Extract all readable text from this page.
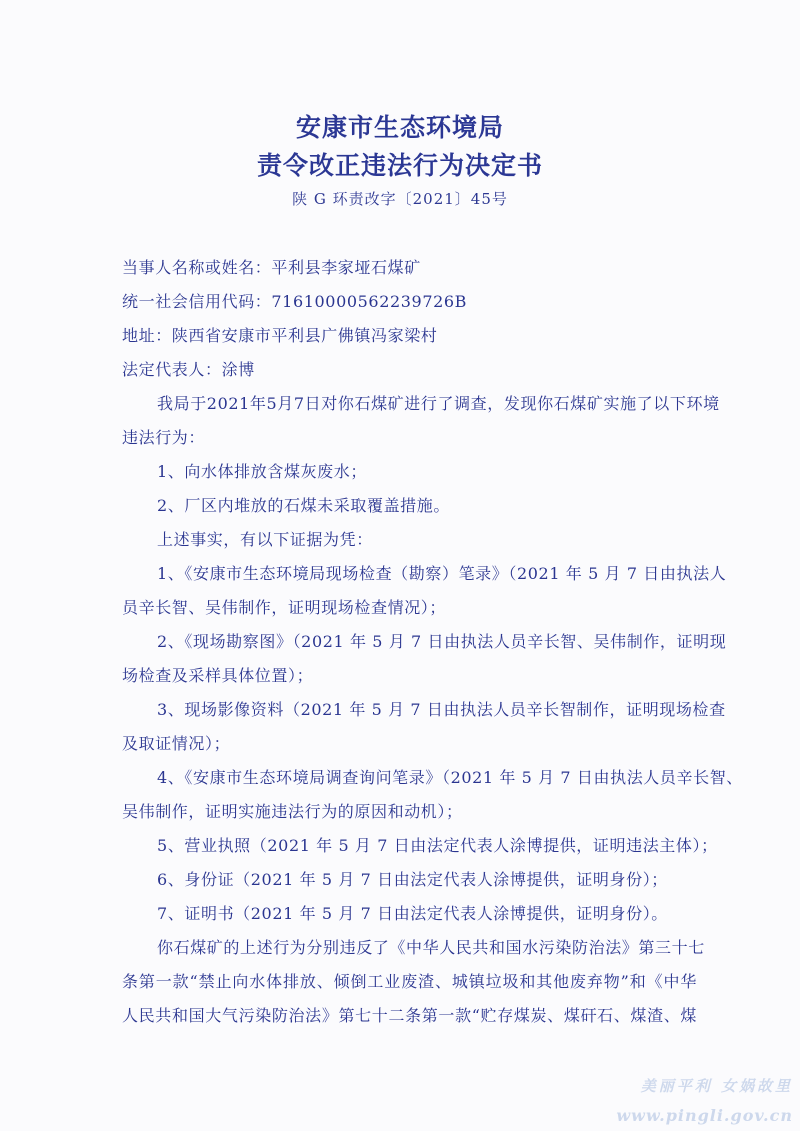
安康市生态环境局
责令改正违法行为决定书
陕 G 环责改字〔2021〕45号
当事人名称或姓名：平利县李家垭石煤矿
统一社会信用代码：71610000562239726B
地址：陕西省安康市平利县广佛镇冯家梁村
法定代表人：涂博
我局于2021年5月7日对你石煤矿进行了调查，发现你石煤矿实施了以下环境
违法行为：
1、向水体排放含煤灰废水；
2、厂区内堆放的石煤未采取覆盖措施。
上述事实，有以下证据为凭：
1、《安康市生态环境局现场检查（勘察）笔录》（2021 年 5 月 7 日由执法人
员辛长智、吴伟制作，证明现场检查情况）；
2、《现场勘察图》（2021 年 5 月 7 日由执法人员辛长智、吴伟制作，证明现
场检查及采样具体位置）；
3、现场影像资料（2021 年 5 月 7 日由执法人员辛长智制作，证明现场检查
及取证情况）；
4、《安康市生态环境局调查询问笔录》（2021 年 5 月 7 日由执法人员辛长智、
吴伟制作，证明实施违法行为的原因和动机）；
5、营业执照（2021 年 5 月 7 日由法定代表人涂博提供，证明违法主体）；
6、身份证（2021 年 5 月 7 日由法定代表人涂博提供，证明身份）；
7、证明书（2021 年 5 月 7 日由法定代表人涂博提供，证明身份）。
你石煤矿的上述行为分别违反了《中华人民共和国水污染防治法》第三十七
条第一款“禁止向水体排放、倾倒工业废渣、城镇垃圾和其他废弃物”和《中华
人民共和国大气污染防治法》第七十二条第一款“贮存煤炭、煤矸石、煤渣、煤
美丽平利 女娲故里
www.pingli.gov.cn
